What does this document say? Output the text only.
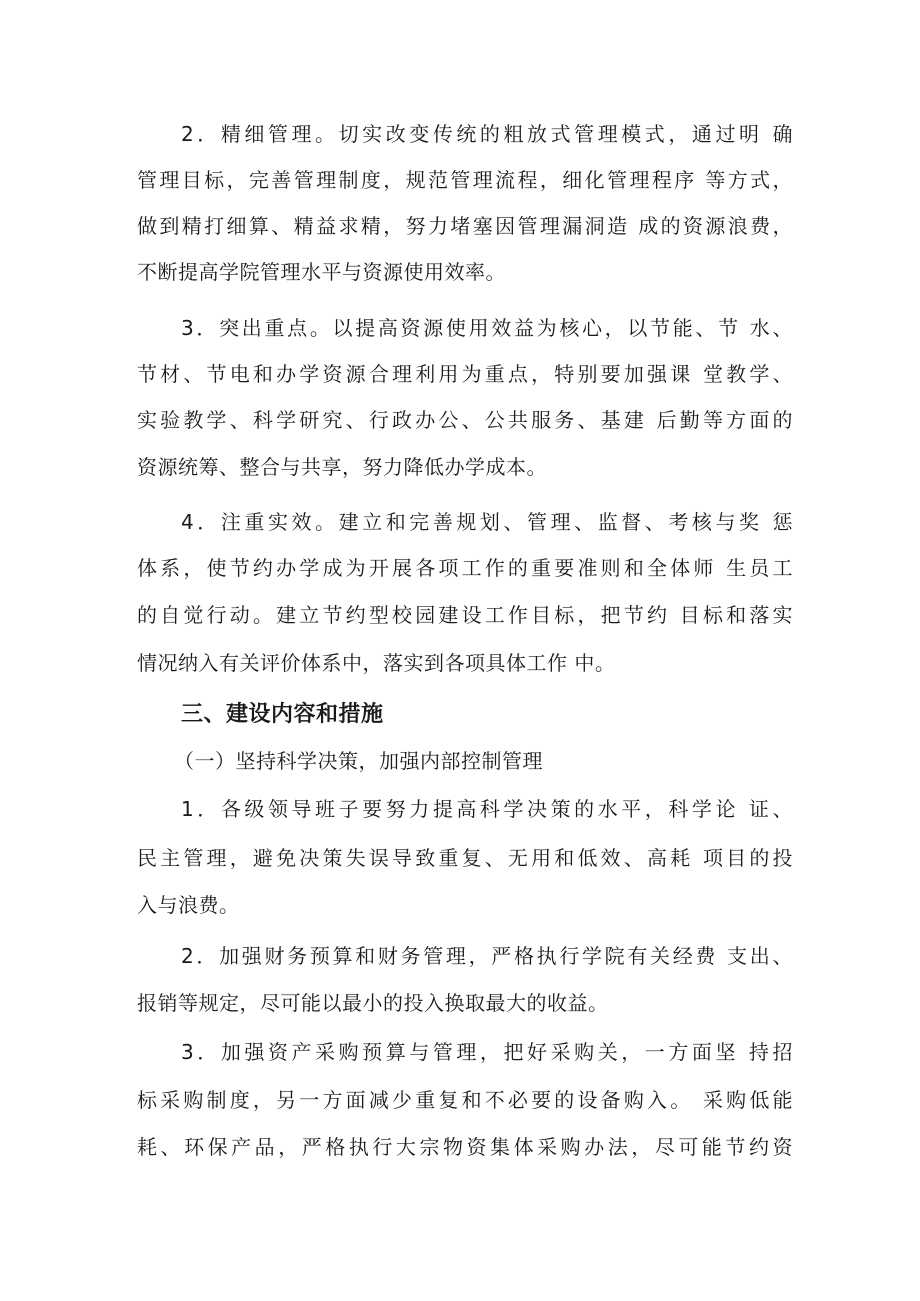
2．精细管理。切实改变传统的粗放式管理模式，通过明 确
管理目标，完善管理制度，规范管理流程，细化管理程序 等方式，
做到精打细算、精益求精，努力堵塞因管理漏洞造 成的资源浪费，
不断提高学院管理水平与资源使用效率。
3．突出重点。以提高资源使用效益为核心，以节能、节 水、
节材、节电和办学资源合理利用为重点，特别要加强课 堂教学、
实验教学、科学研究、行政办公、公共服务、基建 后勤等方面的
资源统筹、整合与共享，努力降低办学成本。
4．注重实效。建立和完善规划、管理、监督、考核与奖 惩
体系，使节约办学成为开展各项工作的重要准则和全体师 生员工
的自觉行动。建立节约型校园建设工作目标，把节约 目标和落实
情况纳入有关评价体系中，落实到各项具体工作 中。
三、建设内容和措施
（一）坚持科学决策，加强内部控制管理
1．各级领导班子要努力提高科学决策的水平，科学论 证、
民主管理，避免决策失误导致重复、无用和低效、高耗 项目的投
入与浪费。
2．加强财务预算和财务管理，严格执行学院有关经费 支出、
报销等规定，尽可能以最小的投入换取最大的收益。
3．加强资产采购预算与管理，把好采购关，一方面坚 持招
标采购制度，另一方面减少重复和不必要的设备购入。 采购低能
耗、环保产品，严格执行大宗物资集体采购办法，尽可能节约资
